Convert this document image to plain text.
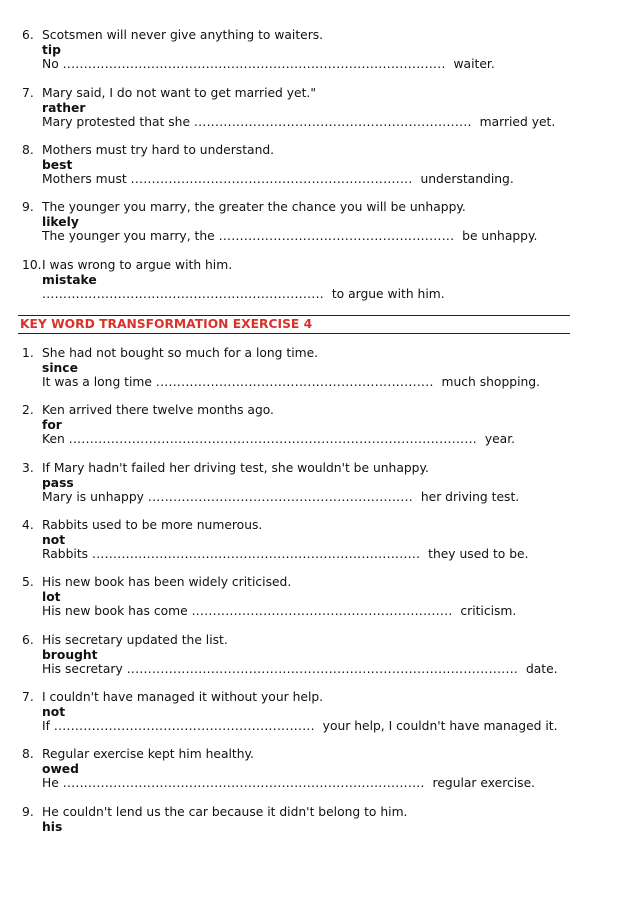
6. Scotsmen will never give anything to waiters.
tip
No
...........................................................................................
waiter.
7. Mary said, I do not want to get married yet."
rather
Mary protested that she
..................................................................
married yet.
8. Mothers must try hard to understand.
best
Mothers must
...................................................................
understanding.
9. The younger you marry, the greater the chance you will be unhappy.
likely
The younger you marry, the
........................................................
be unhappy.
10. I was wrong to argue with him.
mistake
...................................................................
to argue with him.
KEY WORD TRANSFORMATION EXERCISE 4
1. She had not bought so much for a long time.
since
It was a long time
..................................................................
much shopping.
2. Ken arrived there twelve months ago.
for
Ken
.................................................................................................
year.
3. If Mary hadn't failed her driving test, she wouldn't be unhappy.
pass
Mary is unhappy
...............................................................
her driving test.
4. Rabbits used to be more numerous.
not
Rabbits
..............................................................................
they used to be.
5. His new book has been widely criticised.
lot
His new book has come
..............................................................
criticism.
6. His secretary updated the list.
brought
His secretary
.............................................................................................
date.
7. I couldn't have managed it without your help.
not
If
..............................................................
your help, I couldn't have managed it.
8. Regular exercise kept him healthy.
owed
He
......................................................................................
regular exercise.
9. He couldn't lend us the car because it didn't belong to him.
his
